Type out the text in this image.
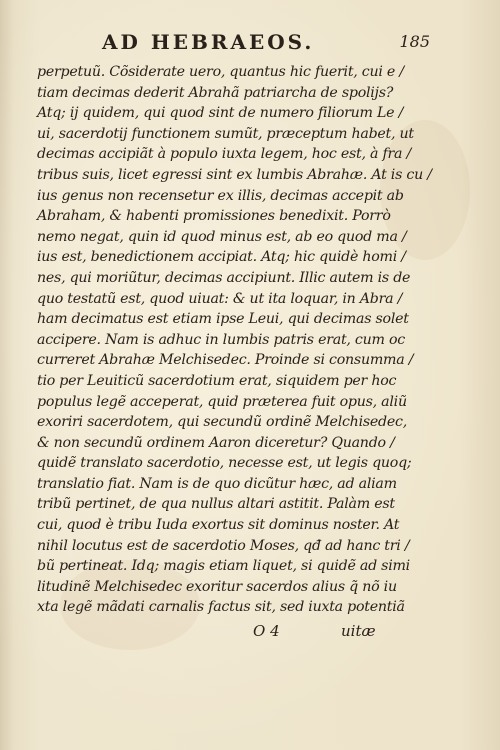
AD HEBRAEOS.	185
perpetuũ. Cõsiderate uero, quantus hic fuerit, cui e /
tiam decimas dederit Abrahã patriarcha de spolijs?
Atq; ij quidem, qui quod sint de numero filiorum Le /
ui, sacerdotij functionem sumũt, præceptum habet, ut
decimas accipiãt à populo iuxta legem, hoc est, à fra /
tribus suis, licet egressi sint ex lumbis Abrahæ. At is cu /
ius genus non recensetur ex illis, decimas accepit ab
Abraham, & habenti promissiones benedixit. Porrò
nemo negat, quin id quod minus est, ab eo quod ma /
ius est, benedictionem accipiat. Atq; hic quidè homi /
nes, qui moriũtur, decimas accipiunt. Illic autem is de
quo testatũ est, quod uiuat: & ut ita loquar, in Abra /
ham decimatus est etiam ipse Leui, qui decimas solet
accipere. Nam is adhuc in lumbis patris erat, cum oc
curreret Abrahæ Melchisedec. Proinde si consumma /
tio per Leuiticũ sacerdotium erat, siquidem per hoc
populus legẽ acceperat, quid præterea fuit opus, aliũ
exoriri sacerdotem, qui secundũ ordinẽ Melchisedec,
& non secundũ ordinem Aaron diceretur? Quando /
quidẽ translato sacerdotio, necesse est, ut legis quoq;
translatio fiat. Nam is de quo dicũtur hæc, ad aliam
tribũ pertinet, de qua nullus altari astitit. Palàm est
cui, quod è tribu Iuda exortus sit dominus noster. At
nihil locutus est de sacerdotio Moses, qđ ad hanc tri /
bũ pertineat. Idq; magis etiam liquet, si quidẽ ad simi
litudinẽ Melchisedec exoritur sacerdos alius q̃ nõ iu
xta legẽ mãdati carnalis factus sit, sed iuxta potentiã
O 4	uitæ
